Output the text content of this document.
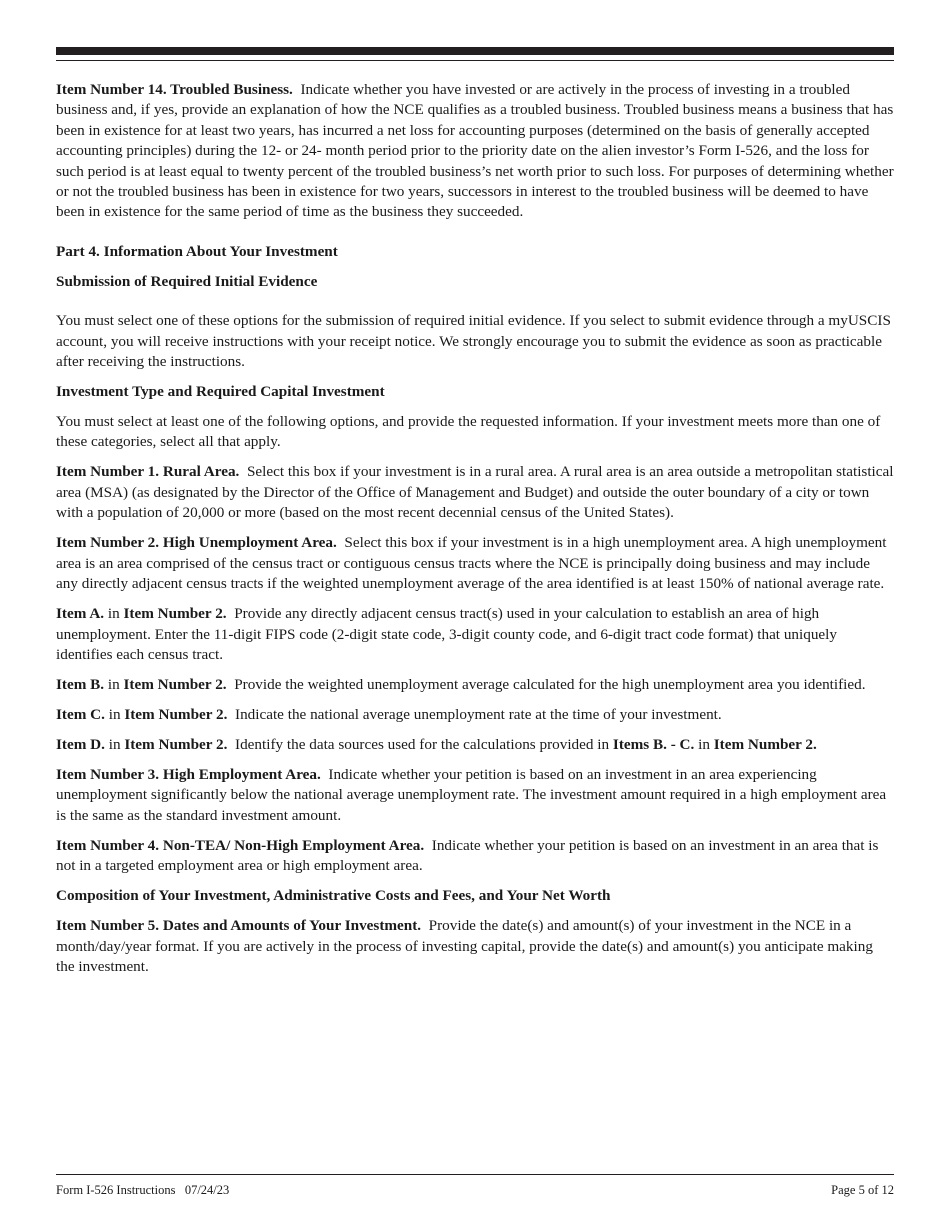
Item Number 14. Troubled Business. Indicate whether you have invested or are actively in the process of investing in a troubled business and, if yes, provide an explanation of how the NCE qualifies as a troubled business. Troubled business means a business that has been in existence for at least two years, has incurred a net loss for accounting purposes (determined on the basis of generally accepted accounting principles) during the 12- or 24- month period prior to the priority date on the alien investor’s Form I-526, and the loss for such period is at least equal to twenty percent of the troubled business’s net worth prior to such loss. For purposes of determining whether or not the troubled business has been in existence for two years, successors in interest to the troubled business will be deemed to have been in existence for the same period of time as the business they succeeded.

Part 4. Information About Your Investment

Submission of Required Initial Evidence

You must select one of these options for the submission of required initial evidence. If you select to submit evidence through a myUSCIS account, you will receive instructions with your receipt notice. We strongly encourage you to submit the evidence as soon as practicable after receiving the instructions.

Investment Type and Required Capital Investment

You must select at least one of the following options, and provide the requested information. If your investment meets more than one of these categories, select all that apply.

Item Number 1. Rural Area. Select this box if your investment is in a rural area. A rural area is an area outside a metropolitan statistical area (MSA) (as designated by the Director of the Office of Management and Budget) and outside the outer boundary of a city or town with a population of 20,000 or more (based on the most recent decennial census of the United States).

Item Number 2. High Unemployment Area. Select this box if your investment is in a high unemployment area. A high unemployment area is an area comprised of the census tract or contiguous census tracts where the NCE is principally doing business and may include any directly adjacent census tracts if the weighted unemployment average of the area identified is at least 150% of national average rate.

Item A. in Item Number 2. Provide any directly adjacent census tract(s) used in your calculation to establish an area of high unemployment. Enter the 11-digit FIPS code (2-digit state code, 3-digit county code, and 6-digit tract code format) that uniquely identifies each census tract.

Item B. in Item Number 2. Provide the weighted unemployment average calculated for the high unemployment area you identified.

Item C. in Item Number 2. Indicate the national average unemployment rate at the time of your investment.

Item D. in Item Number 2. Identify the data sources used for the calculations provided in Items B. - C. in Item Number 2.

Item Number 3. High Employment Area. Indicate whether your petition is based on an investment in an area experiencing unemployment significantly below the national average unemployment rate. The investment amount required in a high employment area is the same as the standard investment amount.

Item Number 4. Non-TEA/ Non-High Employment Area. Indicate whether your petition is based on an investment in an area that is not in a targeted employment area or high employment area.

Composition of Your Investment, Administrative Costs and Fees, and Your Net Worth

Item Number 5. Dates and Amounts of Your Investment. Provide the date(s) and amount(s) of your investment in the NCE in a month/day/year format. If you are actively in the process of investing capital, provide the date(s) and amount(s) you anticipate making the investment.

Form I-526 Instructions 07/24/23	Page 5 of 12
